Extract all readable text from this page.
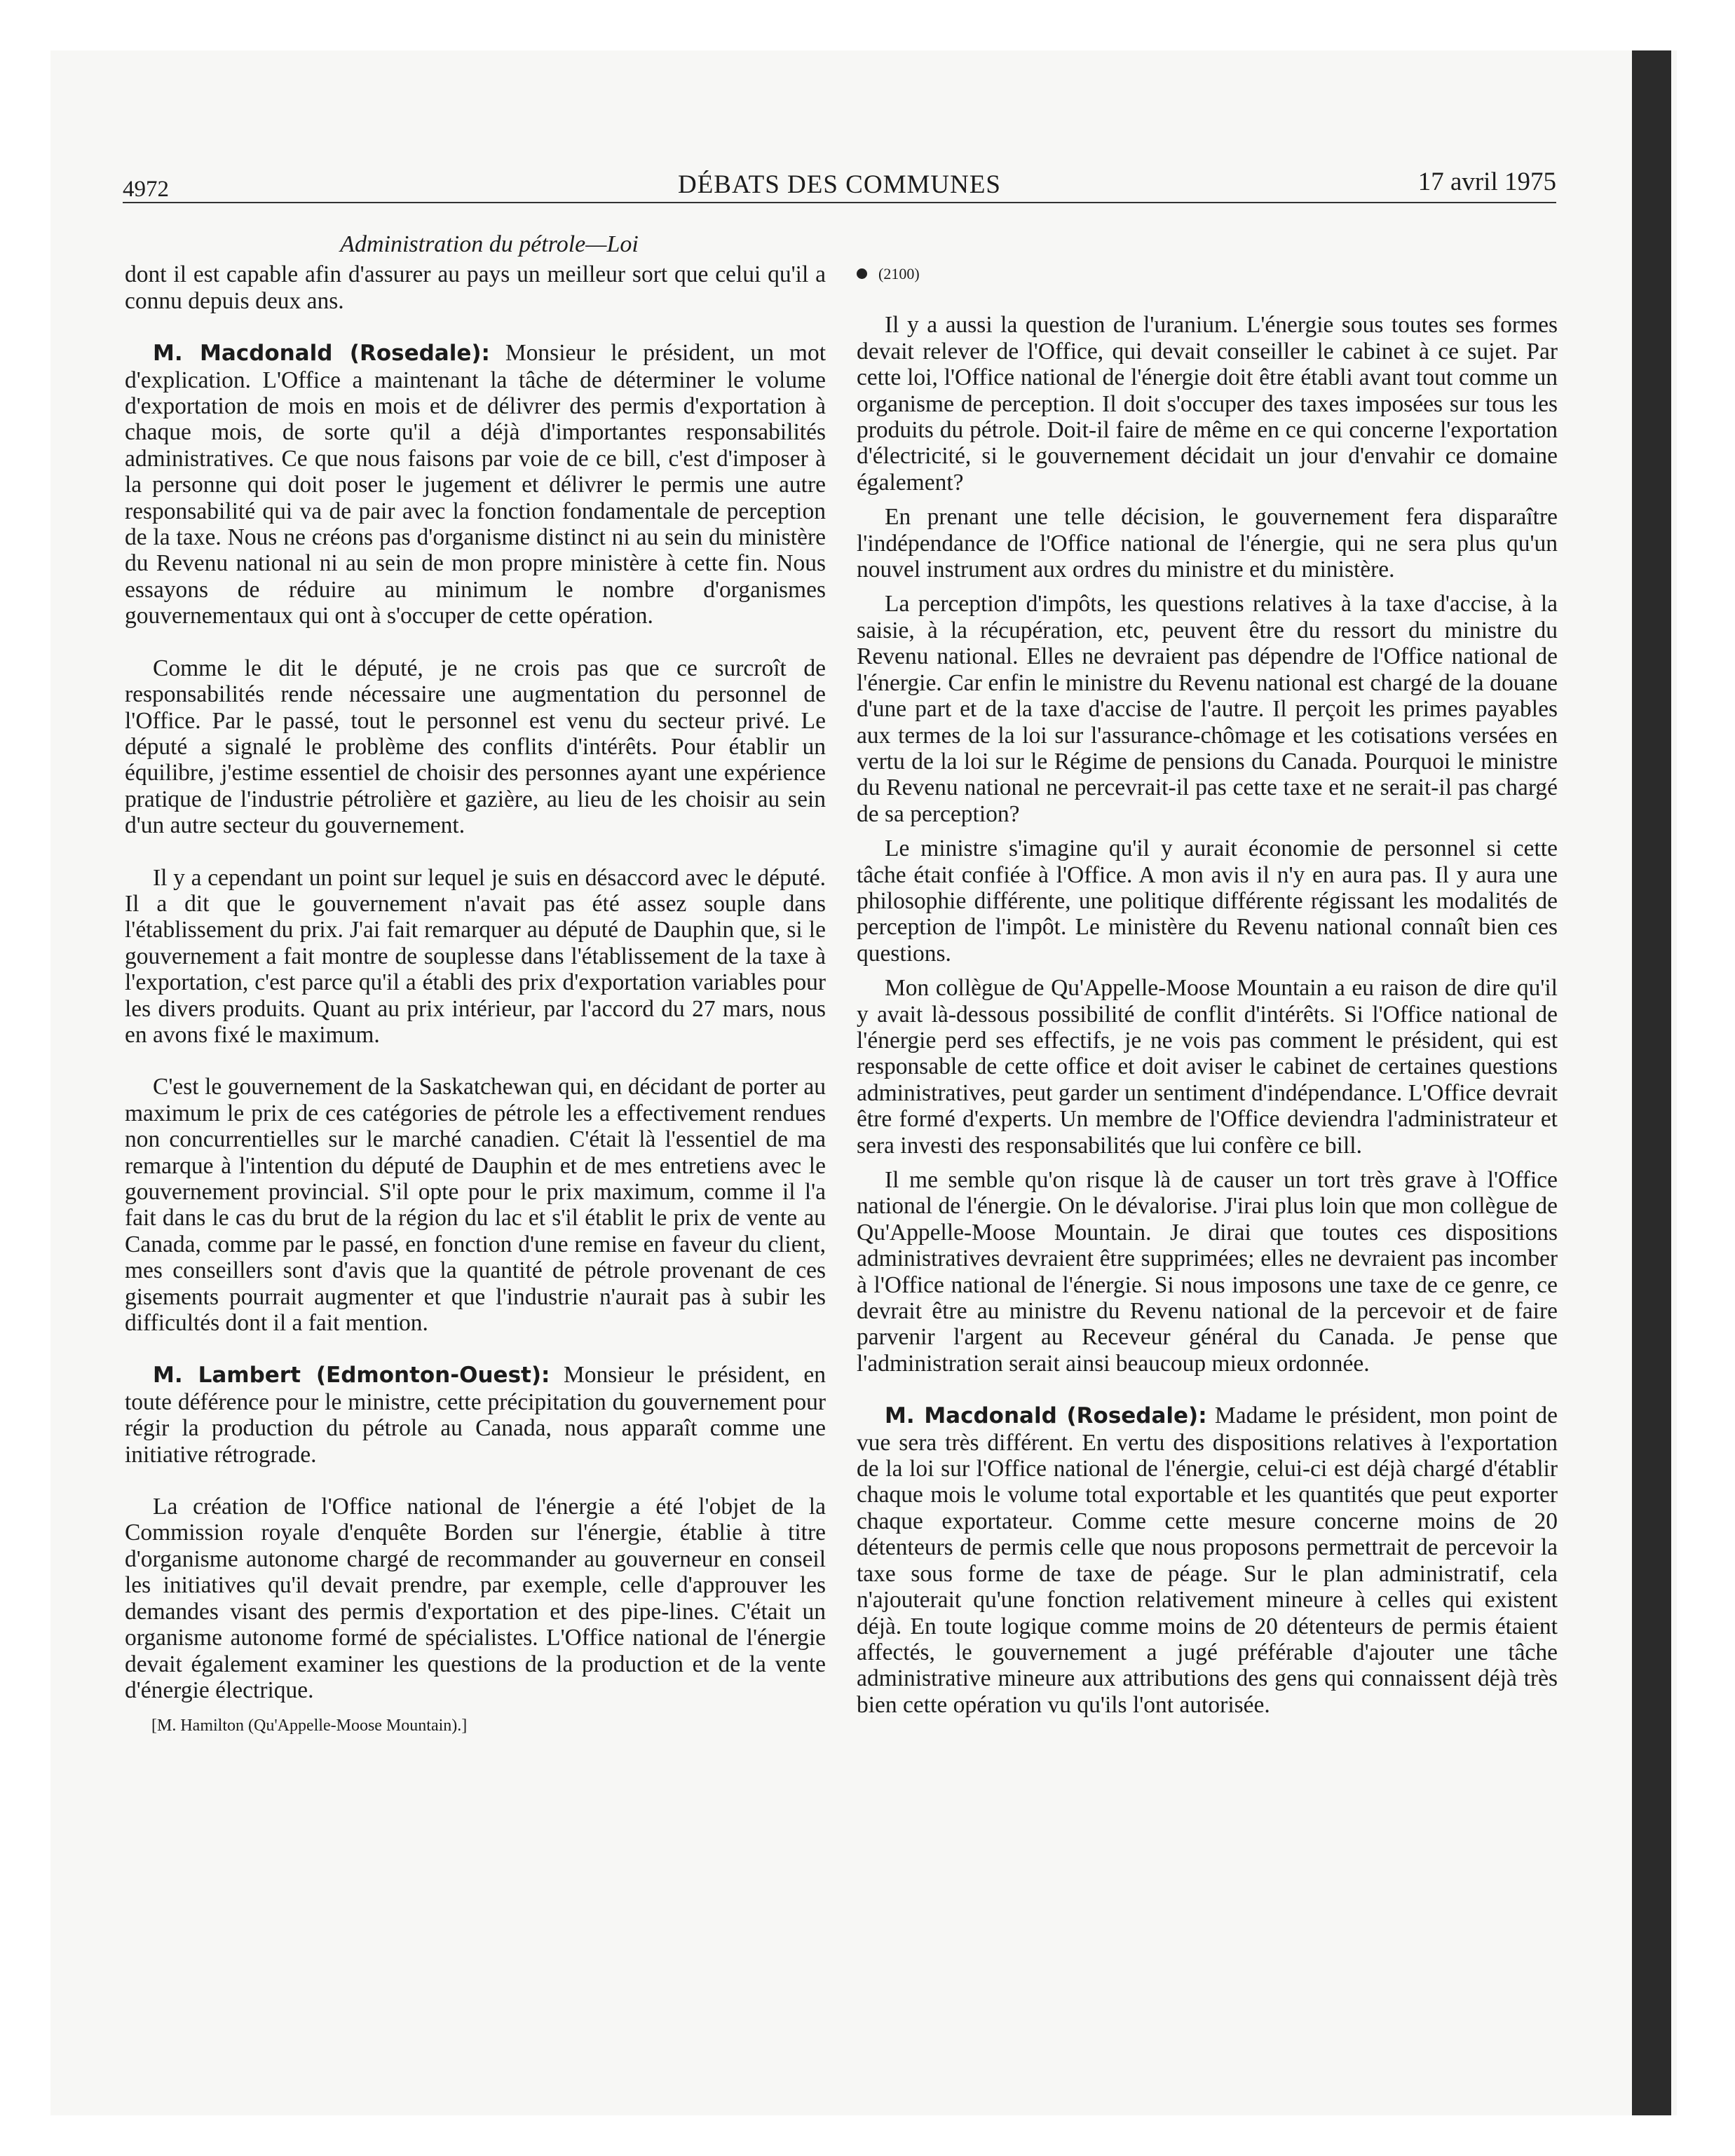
4972	DÉBATS DES COMMUNES	17 avril 1975
Administration du pétrole—Loi

dont il est capable afin d'assurer au pays un meilleur sort que celui qu'il a connu depuis deux ans.

M. Macdonald (Rosedale): Monsieur le président, un mot d'explication. L'Office a maintenant la tâche de déterminer le volume d'exportation de mois en mois et de délivrer des permis d'exportation à chaque mois, de sorte qu'il a déjà d'importantes responsabilités administratives. Ce que nous faisons par voie de ce bill, c'est d'imposer à la personne qui doit poser le jugement et délivrer le permis une autre responsabilité qui va de pair avec la fonction fondamentale de perception de la taxe. Nous ne créons pas d'organisme distinct ni au sein du ministère du Revenu national ni au sein de mon propre ministère à cette fin. Nous essayons de réduire au minimum le nombre d'organismes gouvernementaux qui ont à s'occuper de cette opération.

Comme le dit le député, je ne crois pas que ce surcroît de responsabilités rende nécessaire une augmentation du personnel de l'Office. Par le passé, tout le personnel est venu du secteur privé. Le député a signalé le problème des conflits d'intérêts. Pour établir un équilibre, j'estime essentiel de choisir des personnes ayant une expérience pratique de l'industrie pétrolière et gazière, au lieu de les choisir au sein d'un autre secteur du gouvernement.

Il y a cependant un point sur lequel je suis en désaccord avec le député. Il a dit que le gouvernement n'avait pas été assez souple dans l'établissement du prix. J'ai fait remarquer au député de Dauphin que, si le gouvernement a fait montre de souplesse dans l'établissement de la taxe à l'exportation, c'est parce qu'il a établi des prix d'exportation variables pour les divers produits. Quant au prix intérieur, par l'accord du 27 mars, nous en avons fixé le maximum.

C'est le gouvernement de la Saskatchewan qui, en décidant de porter au maximum le prix de ces catégories de pétrole les a effectivement rendues non concurrentielles sur le marché canadien. C'était là l'essentiel de ma remarque à l'intention du député de Dauphin et de mes entretiens avec le gouvernement provincial. S'il opte pour le prix maximum, comme il l'a fait dans le cas du brut de la région du lac et s'il établit le prix de vente au Canada, comme par le passé, en fonction d'une remise en faveur du client, mes conseillers sont d'avis que la quantité de pétrole provenant de ces gisements pourrait augmenter et que l'industrie n'aurait pas à subir les difficultés dont il a fait mention.

M. Lambert (Edmonton-Ouest): Monsieur le président, en toute déférence pour le ministre, cette précipitation du gouvernement pour régir la production du pétrole au Canada, nous apparaît comme une initiative rétrograde.

La création de l'Office national de l'énergie a été l'objet de la Commission royale d'enquête Borden sur l'énergie, établie à titre d'organisme autonome chargé de recommander au gouverneur en conseil les initiatives qu'il devait prendre, par exemple, celle d'approuver les demandes visant des permis d'exportation et des pipe-lines. C'était un organisme autonome formé de spécialistes. L'Office national de l'énergie devait également examiner les questions de la production et de la vente d'énergie électrique.

[M. Hamilton (Qu'Appelle-Moose Mountain).]
(2100)

Il y a aussi la question de l'uranium. L'énergie sous toutes ses formes devait relever de l'Office, qui devait conseiller le cabinet à ce sujet. Par cette loi, l'Office national de l'énergie doit être établi avant tout comme un organisme de perception. Il doit s'occuper des taxes imposées sur tous les produits du pétrole. Doit-il faire de même en ce qui concerne l'exportation d'électricité, si le gouvernement décidait un jour d'envahir ce domaine également?

En prenant une telle décision, le gouvernement fera disparaître l'indépendance de l'Office national de l'énergie, qui ne sera plus qu'un nouvel instrument aux ordres du ministre et du ministère.

La perception d'impôts, les questions relatives à la taxe d'accise, à la saisie, à la récupération, etc, peuvent être du ressort du ministre du Revenu national. Elles ne devraient pas dépendre de l'Office national de l'énergie. Car enfin le ministre du Revenu national est chargé de la douane d'une part et de la taxe d'accise de l'autre. Il perçoit les primes payables aux termes de la loi sur l'assurance-chômage et les cotisations versées en vertu de la loi sur le Régime de pensions du Canada. Pourquoi le ministre du Revenu national ne percevrait-il pas cette taxe et ne serait-il pas chargé de sa perception?

Le ministre s'imagine qu'il y aurait économie de personnel si cette tâche était confiée à l'Office. A mon avis il n'y en aura pas. Il y aura une philosophie différente, une politique différente régissant les modalités de perception de l'impôt. Le ministère du Revenu national connaît bien ces questions.

Mon collègue de Qu'Appelle-Moose Mountain a eu raison de dire qu'il y avait là-dessous possibilité de conflit d'intérêts. Si l'Office national de l'énergie perd ses effectifs, je ne vois pas comment le président, qui est responsable de cette office et doit aviser le cabinet de certaines questions administratives, peut garder un sentiment d'indépendance. L'Office devrait être formé d'experts. Un membre de l'Office deviendra l'administrateur et sera investi des responsabilités que lui confère ce bill.

Il me semble qu'on risque là de causer un tort très grave à l'Office national de l'énergie. On le dévalorise. J'irai plus loin que mon collègue de Qu'Appelle-Moose Mountain. Je dirai que toutes ces dispositions administratives devraient être supprimées; elles ne devraient pas incomber à l'Office national de l'énergie. Si nous imposons une taxe de ce genre, ce devrait être au ministre du Revenu national de la percevoir et de faire parvenir l'argent au Receveur général du Canada. Je pense que l'administration serait ainsi beaucoup mieux ordonnée.

M. Macdonald (Rosedale): Madame le président, mon point de vue sera très différent. En vertu des dispositions relatives à l'exportation de la loi sur l'Office national de l'énergie, celui-ci est déjà chargé d'établir chaque mois le volume total exportable et les quantités que peut exporter chaque exportateur. Comme cette mesure concerne moins de 20 détenteurs de permis celle que nous proposons permettrait de percevoir la taxe sous forme de taxe de péage. Sur le plan administratif, cela n'ajouterait qu'une fonction relativement mineure à celles qui existent déjà. En toute logique comme moins de 20 détenteurs de permis étaient affectés, le gouvernement a jugé préférable d'ajouter une tâche administrative mineure aux attributions des gens qui connaissent déjà très bien cette opération vu qu'ils l'ont autorisée.
